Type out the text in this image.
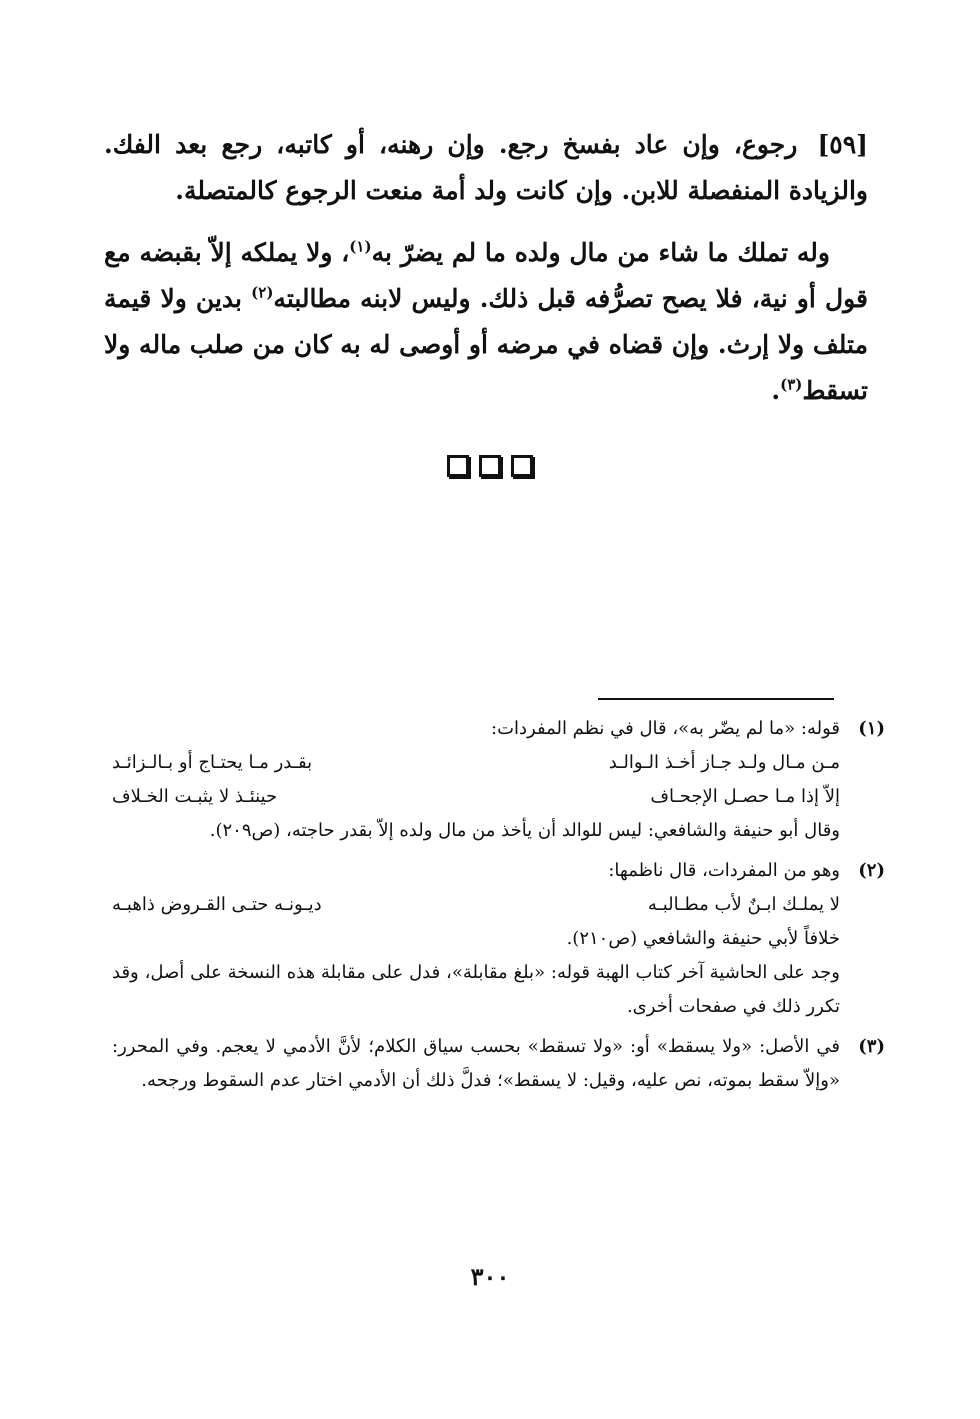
[٥٩] رجوع، وإن عاد بفسخ رجع. وإن رهنه، أو كاتبه، رجع بعد الفك. والزيادة المنفصلة للابن. وإن كانت ولد أمة منعت الرجوع كالمتصلة.

وله تملك ما شاء من مال ولده ما لم يضرّ به$^{(١)}$، ولا يملكه إلاّ بقبضه مع قول أو نية، فلا يصح تصرُّفه قبل ذلك. وليس لابنه مطالبته$^{(٢)}$ بدين ولا قيمة متلف ولا إرث. وإن قضاه في مرضه أو أوصى له به كان من صلب ماله ولا تسقط$^{(٣)}$.

(١)
قوله: «ما لم يضّر به»، قال في نظم المفردات:
مـن مـال ولـد جـاز أخـذ الـوالـد
بقـدر مـا يحتـاج أو بـالـزائـد
إلاّ إذا مـا حصـل الإجحـاف
حينئـذ لا يثبـت الخـلاف
وقال أبو حنيفة والشافعي: ليس للوالد أن يأخذ من مال ولده إلاّ بقدر حاجته، (ص٢٠٩).
(٢)
وهو من المفردات، قال ناظمها:
لا يملـك ابـنٌ لأب مطـالبـه
ديـونـه حتـى القـروض ذاهبـه
خلافاً لأبي حنيفة والشافعي (ص٢١٠).
وجد على الحاشية آخر كتاب الهبة قوله: «بلغ مقابلة»، فدل على مقابلة هذه النسخة على أصل، وقد تكرر ذلك في صفحات أخرى.
(٣)
في الأصل: «ولا يسقط» أو: «ولا تسقط» بحسب سياق الكلام؛ لأنَّ الأدمي لا يعجم. وفي المحرر: «وإلاّ سقط بموته، نص عليه، وقيل: لا يسقط»؛ فدلَّ ذلك أن الأدمي اختار عدم السقوط ورجحه.
٣٠٠
